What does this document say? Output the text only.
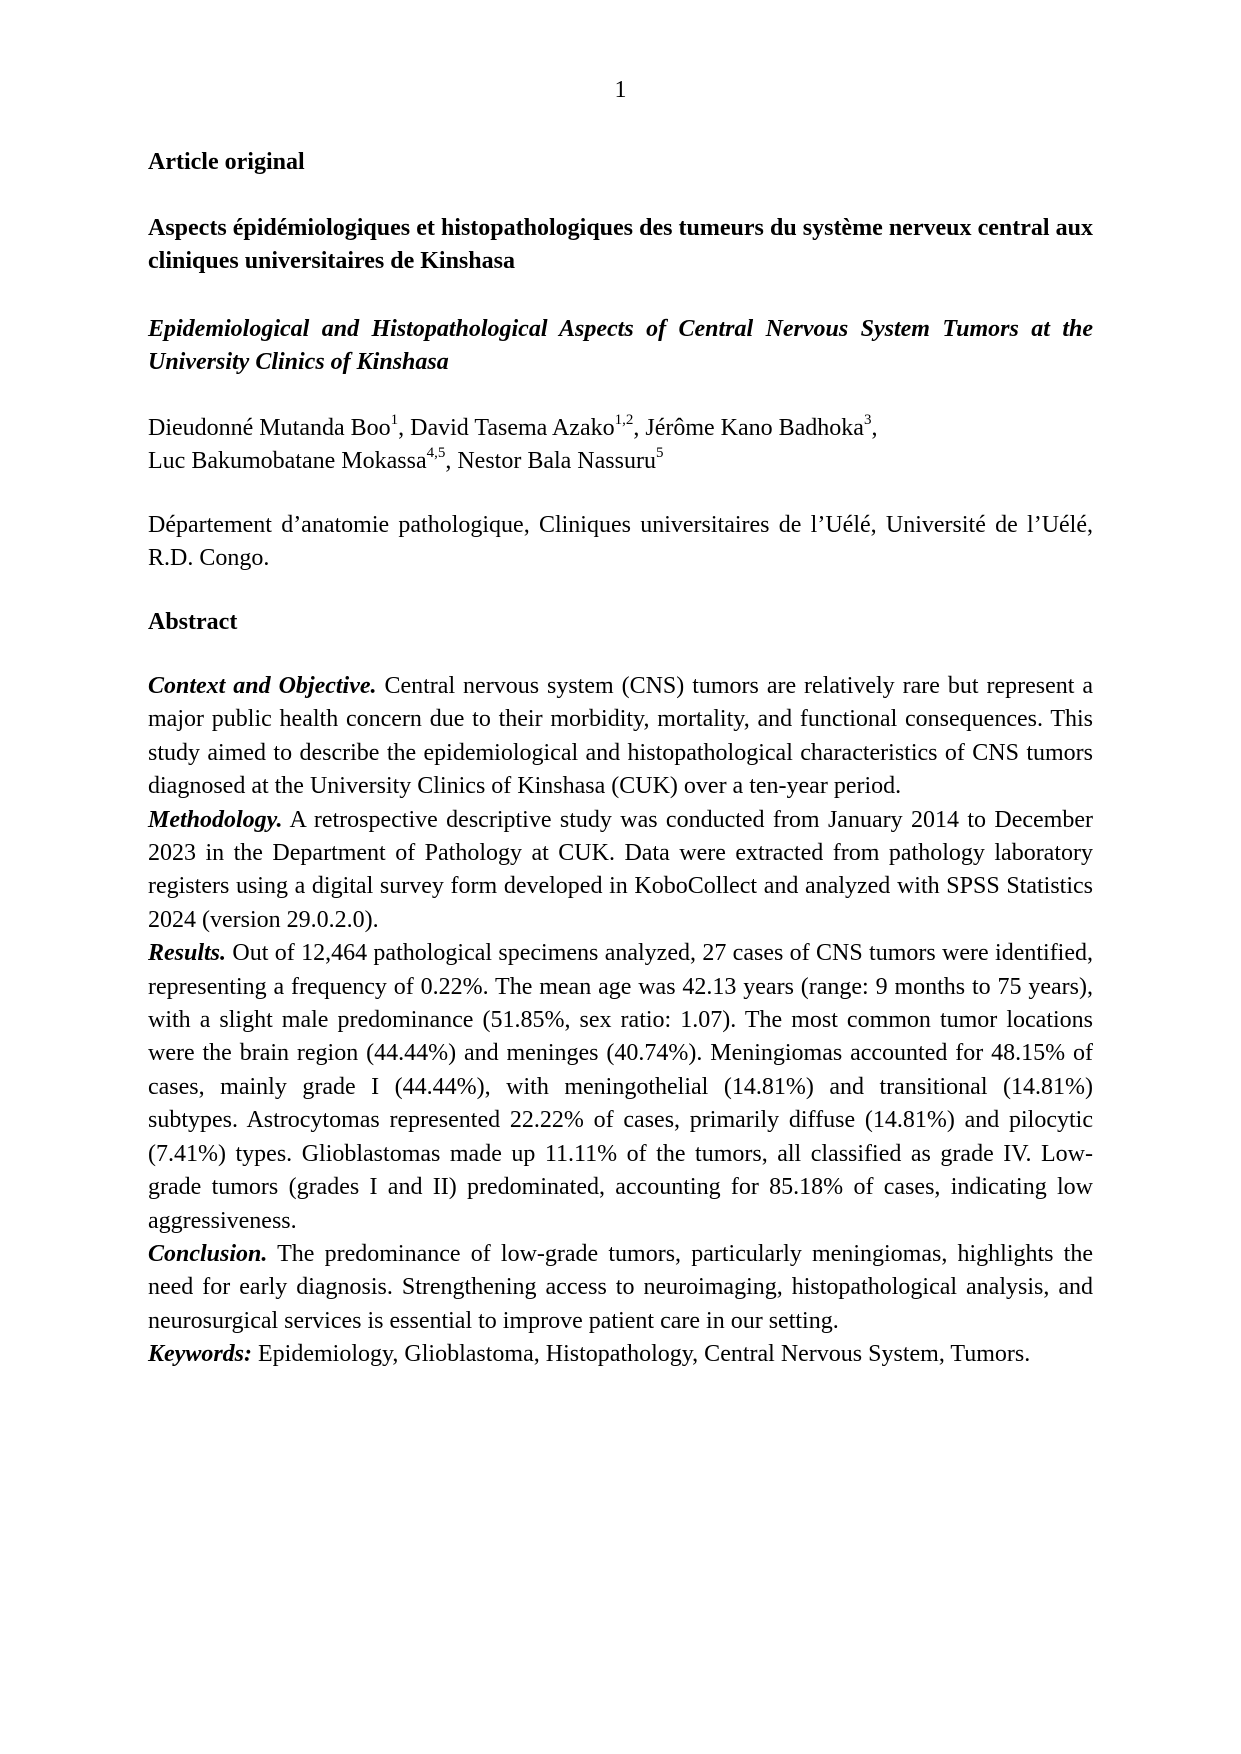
1

Article original

Aspects épidémiologiques et histopathologiques des tumeurs du système nerveux central aux cliniques universitaires de Kinshasa

Epidemiological and Histopathological Aspects of Central Nervous System Tumors at the University Clinics of Kinshasa

Dieudonné Mutanda Boo$^1$, David Tasema Azako$^{1,2}$, Jérôme Kano Badhoka$^3$,
Luc Bakumobatane Mokassa$^{4,5}$, Nestor Bala Nassuru$^5$

Département d’anatomie pathologique, Cliniques universitaires de l’Uélé, Université de l’Uélé, R.D. Congo.

Abstract

Context and Objective. Central nervous system (CNS) tumors are relatively rare but represent a major public health concern due to their morbidity, mortality, and functional consequences. This study aimed to describe the epidemiological and histopathological characteristics of CNS tumors diagnosed at the University Clinics of Kinshasa (CUK) over a ten-year period.

Methodology. A retrospective descriptive study was conducted from January 2014 to December 2023 in the Department of Pathology at CUK. Data were extracted from pathology laboratory registers using a digital survey form developed in KoboCollect and analyzed with SPSS Statistics 2024 (version 29.0.2.0).

Results. Out of 12,464 pathological specimens analyzed, 27 cases of CNS tumors were identified, representing a frequency of 0.22%. The mean age was 42.13 years (range: 9 months to 75 years), with a slight male predominance (51.85%, sex ratio: 1.07). The most common tumor locations were the brain region (44.44%) and meninges (40.74%). Meningiomas accounted for 48.15% of cases, mainly grade I (44.44%), with meningothelial (14.81%) and transitional (14.81%) subtypes. Astrocytomas represented 22.22% of cases, primarily diffuse (14.81%) and pilocytic (7.41%) types. Glioblastomas made up 11.11% of the tumors, all classified as grade IV. Low-grade tumors (grades I and II) predominated, accounting for 85.18% of cases, indicating low aggressiveness.

Conclusion. The predominance of low-grade tumors, particularly meningiomas, highlights the need for early diagnosis. Strengthening access to neuroimaging, histopathological analysis, and neurosurgical services is essential to improve patient care in our setting.

Keywords: Epidemiology, Glioblastoma, Histopathology, Central Nervous System, Tumors.
